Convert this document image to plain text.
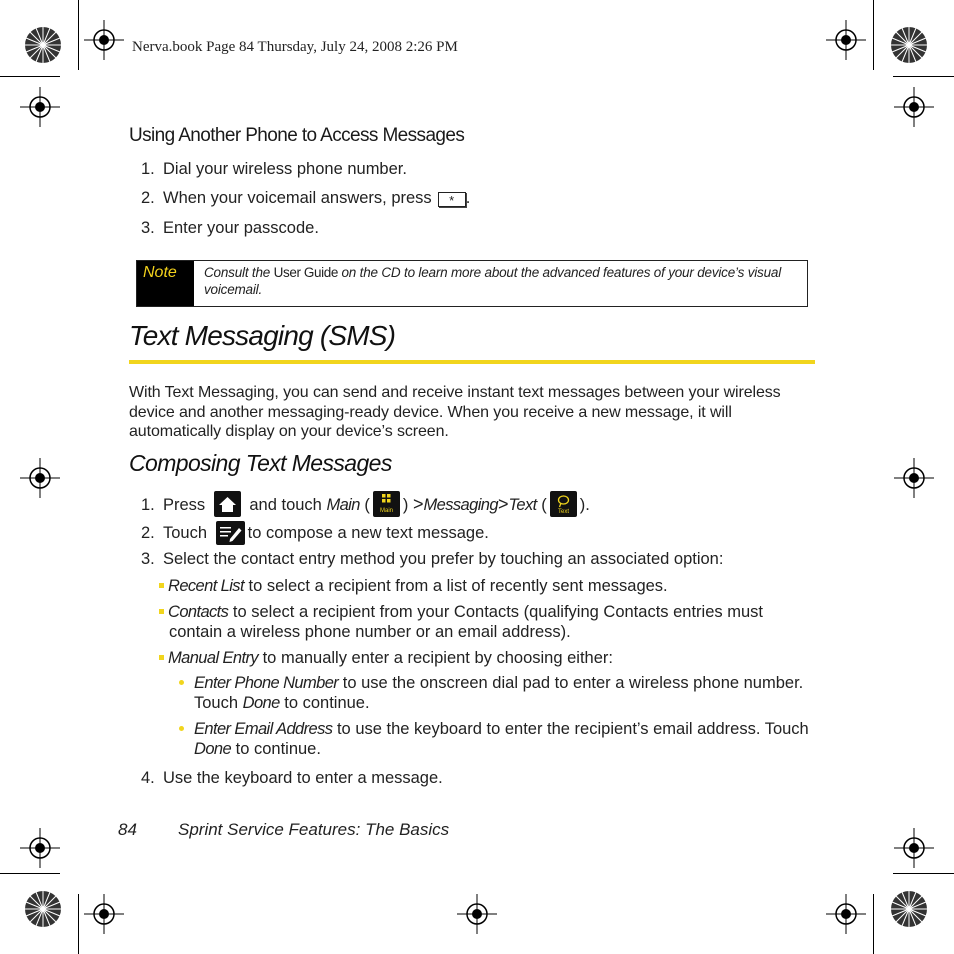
Nerva.book Page 84 Thursday, July 24, 2008 2:26 PM
Using Another Phone to Access Messages
1. Dial your wireless phone number.
2. When your voicemail answers, press * .
3. Enter your passcode.
Note	Consult the User Guide on the CD to learn more about the advanced features of your device’s visual voicemail.
Text Messaging (SMS)
With Text Messaging, you can send and receive instant text messages between your wireless device and another messaging-ready device. When you receive a new message, it will automatically display on your device’s screen.
Composing Text Messages
1. Press	and touch Main ( Main ) >Messaging>Text ( Text ).
2. Touch to compose a new text message.
3. Select the contact entry method you prefer by touching an associated option:
Recent List to select a recipient from a list of recently sent messages.
Contacts to select a recipient from your Contacts (qualifying Contacts entries must
contain a wireless phone number or an email address).
Manual Entry to manually enter a recipient by choosing either:
Enter Phone Number to use the onscreen dial pad to enter a wireless phone number.
Touch Done to continue.
Enter Email Address to use the keyboard to enter the recipient’s email address. Touch
Done to continue.
4. Use the keyboard to enter a message.
84 Sprint Service Features: The Basics
